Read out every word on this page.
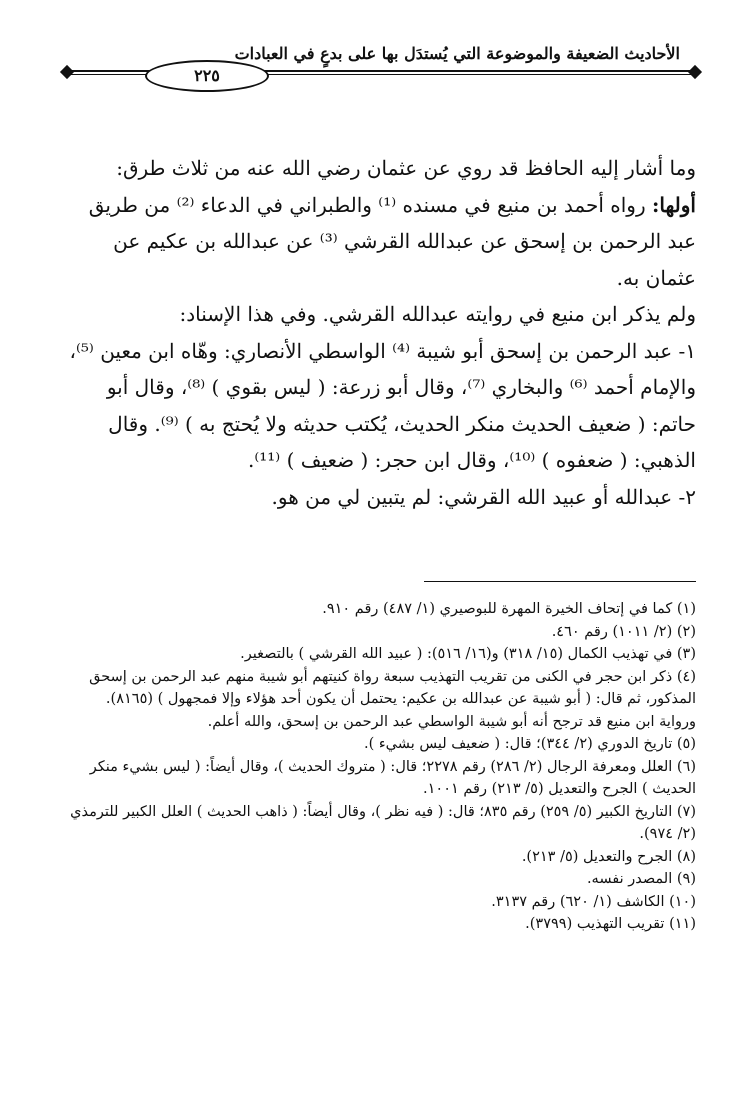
الأحاديث الضعيفة والموضوعة التي يُستدَل بها على بدعٍ في العبادات
٢٢٥

وما أشار إليه الحافظ قد روي عن عثمان رضي الله عنه من ثلاث طرق:

أولها: رواه أحمد بن منيع في مسنده ⁽¹⁾ والطبراني في الدعاء ⁽²⁾ من طريق عبد الرحمن بن إسحق عن عبدالله القرشي ⁽³⁾ عن عبدالله بن عكيم عن عثمان به.

ولم يذكر ابن منيع في روايته عبدالله القرشي. وفي هذا الإسناد:

١- عبد الرحمن بن إسحق أبو شيبة ⁽⁴⁾ الواسطي الأنصاري: وهّاه ابن معين ⁽⁵⁾، والإمام أحمد ⁽⁶⁾ والبخاري ⁽⁷⁾، وقال أبو زرعة: ( ليس بقوي ) ⁽⁸⁾، وقال أبو حاتم: ( ضعيف الحديث منكر الحديث، يُكتب حديثه ولا يُحتج به ) ⁽⁹⁾. وقال الذهبي: ( ضعفوه ) ⁽¹⁰⁾، وقال ابن حجر: ( ضعيف ) ⁽¹¹⁾.

٢- عبدالله أو عبيد الله القرشي: لم يتبين لي من هو.

(١) كما في إتحاف الخيرة المهرة للبوصيري (١/ ٤٨٧) رقم ٩١٠.

(٢) (٢/ ١٠١١) رقم ٤٦٠.

(٣) في تهذيب الكمال (١٥/ ٣١٨) و(١٦/ ٥١٦): ( عبيد الله القرشي ) بالتصغير.

(٤) ذكر ابن حجر في الكنى من تقريب التهذيب سبعة رواة كنيتهم أبو شيبة منهم عبد الرحمن بن إسحق المذكور، ثم قال: ( أبو شيبة عن عبدالله بن عكيم: يحتمل أن يكون أحد هؤلاء وإلا فمجهول ) (٨١٦٥). ورواية ابن منيع قد ترجح أنه أبو شيبة الواسطي عبد الرحمن بن إسحق، والله أعلم.

(٥) تاريخ الدوري (٢/ ٣٤٤)؛ قال: ( ضعيف ليس بشيء ).

(٦) العلل ومعرفة الرجال (٢/ ٢٨٦) رقم ٢٢٧٨؛ قال: ( متروك الحديث )، وقال أيضاً: ( ليس بشيء منكر الحديث ) الجرح والتعديل (٥/ ٢١٣) رقم ١٠٠١.

(٧) التاريخ الكبير (٥/ ٢٥٩) رقم ٨٣٥؛ قال: ( فيه نظر )، وقال أيضاً: ( ذاهب الحديث ) العلل الكبير للترمذي (٢/ ٩٧٤).

(٨) الجرح والتعديل (٥/ ٢١٣).

(٩) المصدر نفسه.

(١٠) الكاشف (١/ ٦٢٠) رقم ٣١٣٧.

(١١) تقريب التهذيب (٣٧٩٩).
